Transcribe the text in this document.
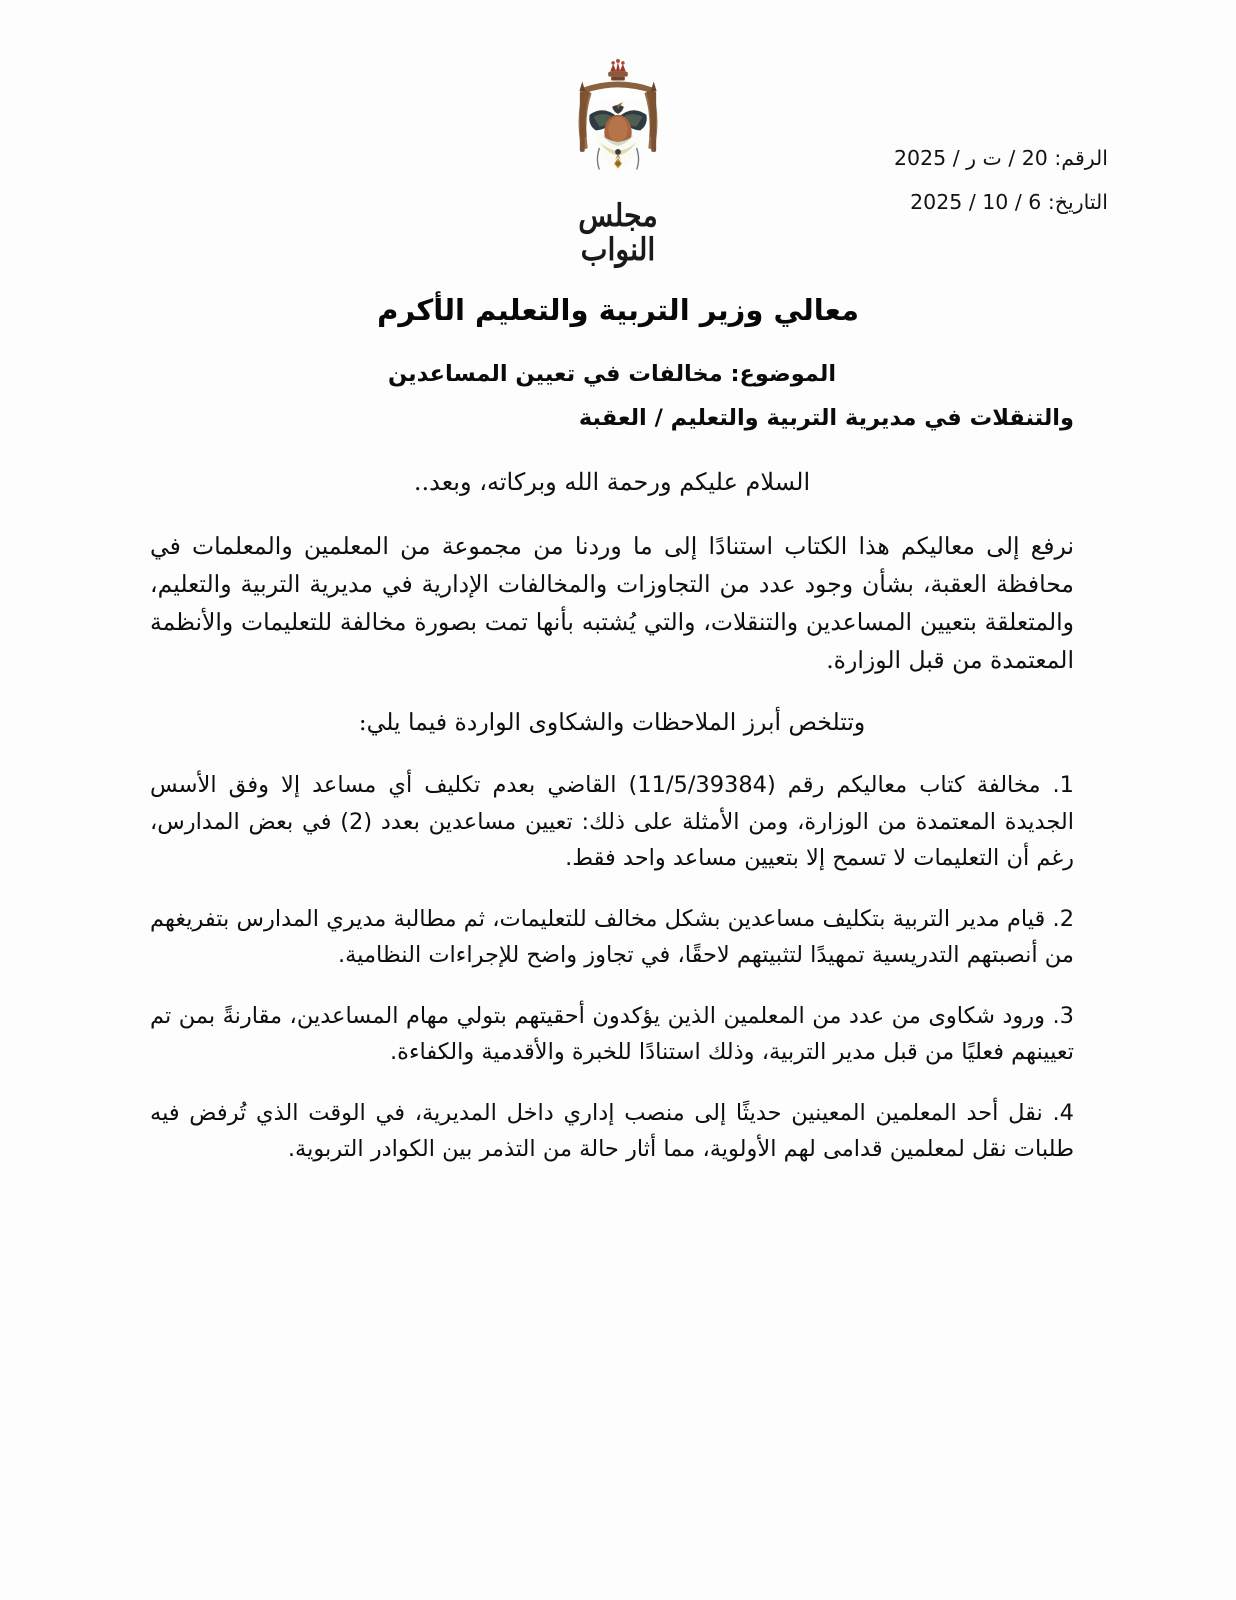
مجلس النواب
الرقم: 20 / ت ر / 2025
التاريخ: 6 / 10 / 2025
معالي وزير التربية والتعليم الأكرم
الموضوع: مخالفات في تعيين المساعدين
والتنقلات في مديرية التربية والتعليم / العقبة
السلام عليكم ورحمة الله وبركاته، وبعد..

نرفع إلى معاليكم هذا الكتاب استنادًا إلى ما وردنا من مجموعة من المعلمين والمعلمات في محافظة العقبة، بشأن وجود عدد من التجاوزات والمخالفات الإدارية في مديرية التربية والتعليم، والمتعلقة بتعيين المساعدين والتنقلات، والتي يُشتبه بأنها تمت بصورة مخالفة للتعليمات والأنظمة المعتمدة من قبل الوزارة.

وتتلخص أبرز الملاحظات والشكاوى الواردة فيما يلي:

1. مخالفة كتاب معاليكم رقم (11/5/39384) القاضي بعدم تكليف أي مساعد إلا وفق الأسس الجديدة المعتمدة من الوزارة، ومن الأمثلة على ذلك: تعيين مساعدين بعدد (2) في بعض المدارس، رغم أن التعليمات لا تسمح إلا بتعيين مساعد واحد فقط.
2. قيام مدير التربية بتكليف مساعدين بشكل مخالف للتعليمات، ثم مطالبة مديري المدارس بتفريغهم من أنصبتهم التدريسية تمهيدًا لتثبيتهم لاحقًا، في تجاوز واضح للإجراءات النظامية.
3. ورود شكاوى من عدد من المعلمين الذين يؤكدون أحقيتهم بتولي مهام المساعدين، مقارنةً بمن تم تعيينهم فعليًا من قبل مدير التربية، وذلك استنادًا للخبرة والأقدمية والكفاءة.
4. نقل أحد المعلمين المعينين حديثًا إلى منصب إداري داخل المديرية، في الوقت الذي تُرفض فيه طلبات نقل لمعلمين قدامى لهم الأولوية، مما أثار حالة من التذمر بين الكوادر التربوية.
